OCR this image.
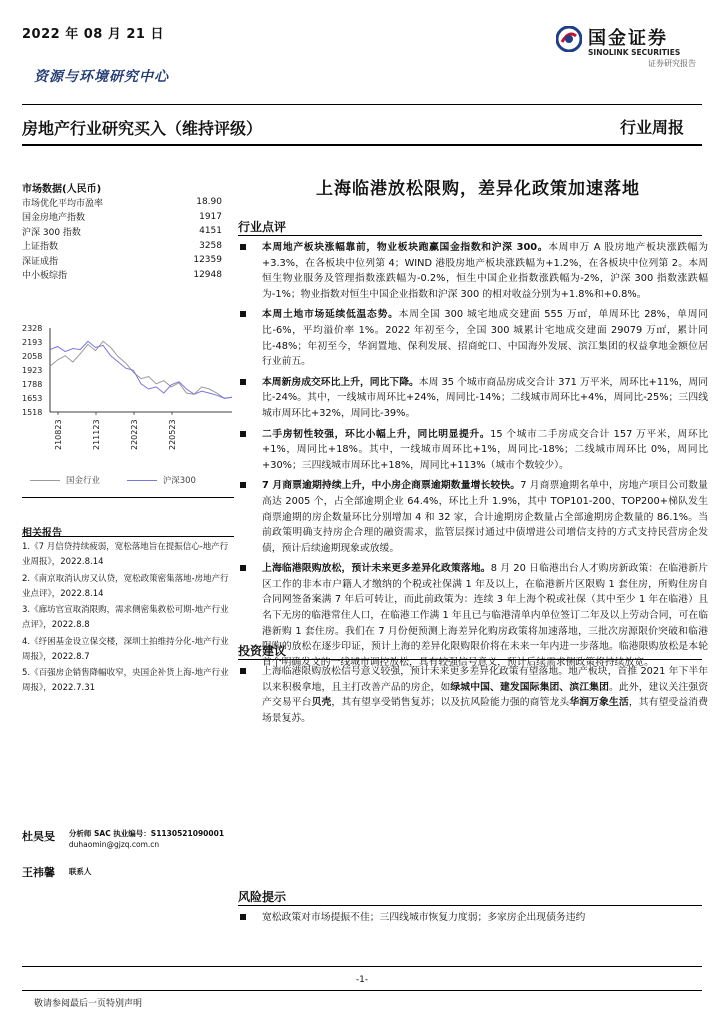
2022 年 08 月 21 日	国金证券
SINOLINK SECURITIES
证券研究报告
资源与环境研究中心
房地产行业研究买入（维持评级）	行业周报
市场数据(人民币)
市场优化平均市盈率	18.90
国金房地产指数	1917
沪深 300 指数	4151
上证指数	3258
深证成指	12359
中小板综指	12948
2328
2193
2058
1923
1788
1653
1518
210823	211123	220223	220523
国金行业	沪深300
相关报告
1.《7 月信贷持续疲弱，宽松落地旨在提振信心-地产行业周报》，2022.8.14
2.《南京取消认房又认贷，宽松政策密集落地-房地产行业点评》，2022.8.14
3.《廊坊官宣取消限购，需求侧密集救松可期-地产行业点评》，2022.8.8
4.《纾困基金设立保交楼，深圳土拍维持分化-地产行业周报》，2022.8.7
5.《百强房企销售降幅收窄，央国企补货上海-地产行业周报》，2022.7.31
杜昊旻 分析师 SAC 执业编号：S1130521090001
duhaomin@gjzq.com.cn
王祎馨 联系人
上海临港放松限购，差异化政策加速落地
行业点评
本周地产板块涨幅靠前，物业板块跑赢国金指数和沪深 300。本周申万 A 股房地产板块涨跌幅为+3.3%，在各板块中位列第 4；WIND 港股房地产板块涨跌幅为+1.2%，在各板块中位列第 2。本周恒生物业服务及管理指数涨跌幅为-0.2%，恒生中国企业指数涨跌幅为-2%，沪深 300 指数涨跌幅为-1%；物业指数对恒生中国企业指数和沪深 300 的相对收益分别为+1.8%和+0.8%。
本周土地市场延续低温态势。本周全国 300 城宅地成交建面 555 万㎡，单周环比 28%，单周同比-6%，平均溢价率 1%。2022 年初至今，全国 300 城累计宅地成交建面 29079 万㎡，累计同比-48%；年初至今，华润置地、保利发展、招商蛇口、中国海外发展、滨江集团的权益拿地金额位居行业前五。
本周新房成交环比上升，同比下降。本周 35 个城市商品房成交合计 371 万平米，周环比+11%，周同比-24%。其中，一线城市周环比+24%，周同比-14%；二线城市周环比+4%，周同比-25%；三四线城市周环比+32%，周同比-39%。
二手房韧性较强，环比小幅上升，同比明显提升。15 个城市二手房成交合计 157 万平米，周环比+1%，周同比+18%。其中，一线城市周环比+1%，周同比-18%；二线城市周环比 0%，周同比+30%；三四线城市周环比+18%，周同比+113%（城市个数较少）。
7 月商票逾期持续上升，中小房企商票逾期数量增长较快。7 月商票逾期名单中，房地产项目公司数量高达 2005 个，占全部逾期企业 64.4%，环比上升 1.9%，其中 TOP101-200、TOP200+梯队发生商票逾期的房企数量环比分别增加 4 和 32 家，合计逾期房企数量占全部逾期房企数量的 86.1%。当前政策明确支持房企合理的融资需求，监管层探讨通过中债增进公司增信支持的方式支持民营房企发债，预计后续逾期现象或放缓。
上海临港限购放松，预计未来更多差异化政策落地。8 月 20 日临港出台人才购房新政策：在临港新片区工作的非本市户籍人才缴纳的个税或社保满 1 年及以上，在临港新片区限购 1 套住房，所购住房自合同网签备案满 7 年后可转让，而此前政策为：连续 3 年上海个税或社保（其中至少 1 年在临港）且名下无房的临港常住人口，在临港工作满 1 年且已与临港清单内单位签订二年及以上劳动合同，可在临港新购 1 套住房。我们在 7 月份便预测上海差异化购房政策将加速落地，三批次房源限价突破和临港限购的放松在逐步印证，预计上海的差异化限购限价将在未来一年内进一步落地。临港限购放松是本轮首个明确发文的一线城市调控放松，具有较强信号意义，预计后续需求侧政策将持续放宽。
投资建议
上海临港限购放松信号意义较强，预计未来更多差异化政策有望落地。地产板块，首推 2021 年下半年以来积极拿地，且主打改善产品的房企，如绿城中国、建发国际集团、滨江集团。此外，建议关注强资产交易平台贝壳，其有望享受销售复苏；以及抗风险能力强的商管龙头华润万象生活，其有望受益消费场景复苏。
风险提示
宽松政策对市场提振不佳；三四线城市恢复力度弱；多家房企出现债务违约
-1-
敬请参阅最后一页特别声明
